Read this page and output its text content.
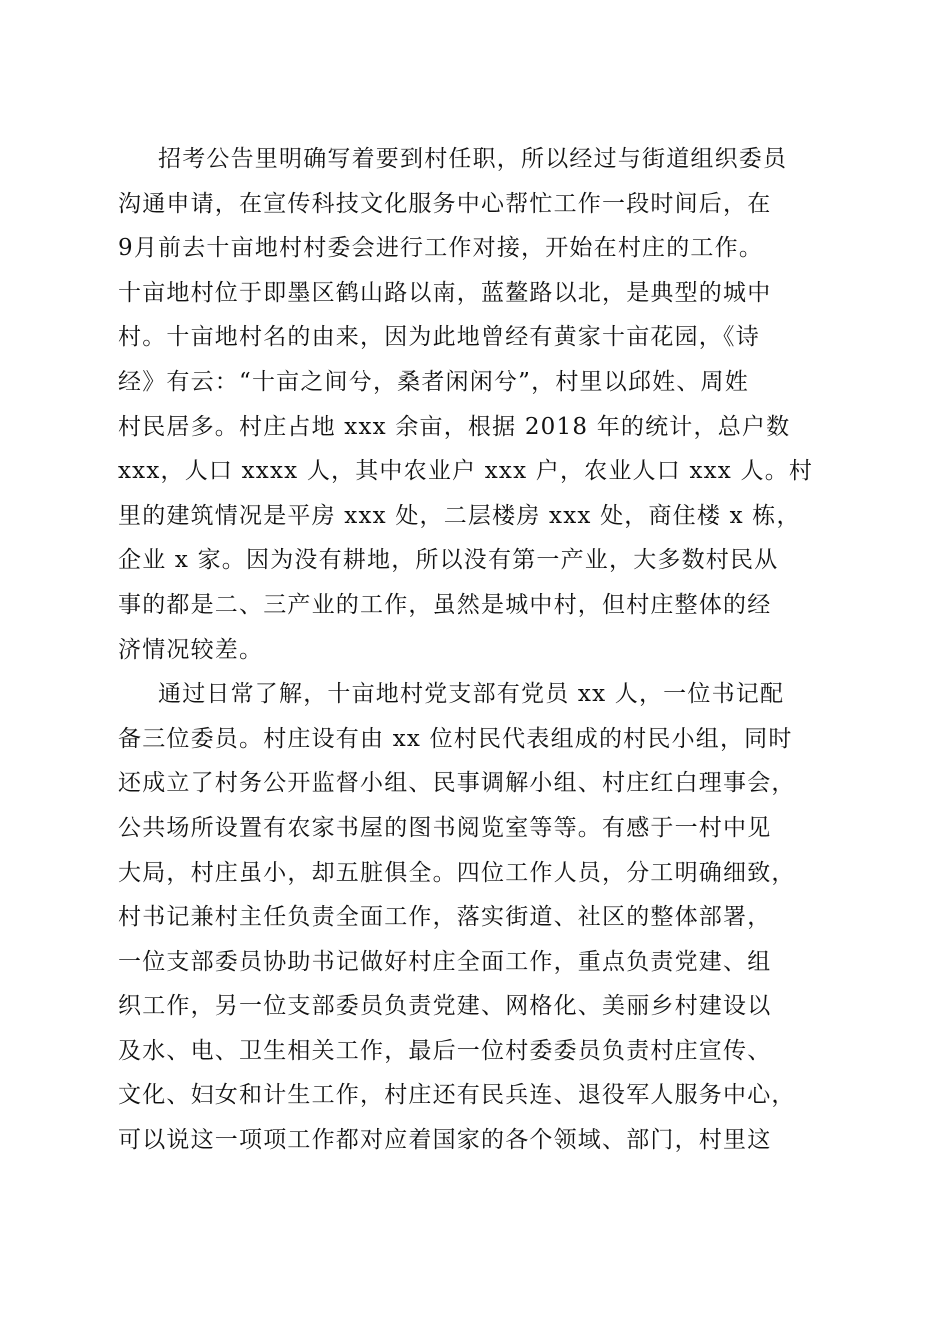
招考公告里明确写着要到村任职，所以经过与街道组织委员
沟通申请，在宣传科技文化服务中心帮忙工作一段时间后，在
9月前去十亩地村村委会进行工作对接，开始在村庄的工作。
十亩地村位于即墨区鹤山路以南，蓝鳌路以北，是典型的城中
村。十亩地村名的由来，因为此地曾经有黄家十亩花园，《诗
经》有云：“十亩之间兮，桑者闲闲兮”，村里以邱姓、周姓
村民居多。村庄占地 xxx 余亩，根据 2018 年的统计，总户数
xxx，人口 xxxx 人，其中农业户 xxx 户，农业人口 xxx 人。村
里的建筑情况是平房 xxx 处，二层楼房 xxx 处，商住楼 x 栋，
企业 x 家。因为没有耕地，所以没有第一产业，大多数村民从
事的都是二、三产业的工作，虽然是城中村，但村庄整体的经
济情况较差。
通过日常了解，十亩地村党支部有党员 xx 人，一位书记配
备三位委员。村庄设有由 xx 位村民代表组成的村民小组，同时
还成立了村务公开监督小组、民事调解小组、村庄红白理事会，
公共场所设置有农家书屋的图书阅览室等等。有感于一村中见
大局，村庄虽小，却五脏俱全。四位工作人员，分工明确细致，
村书记兼村主任负责全面工作，落实街道、社区的整体部署，
一位支部委员协助书记做好村庄全面工作，重点负责党建、组
织工作，另一位支部委员负责党建、网格化、美丽乡村建设以
及水、电、卫生相关工作，最后一位村委委员负责村庄宣传、
文化、妇女和计生工作，村庄还有民兵连、退役军人服务中心，
可以说这一项项工作都对应着国家的各个领域、部门，村里这
